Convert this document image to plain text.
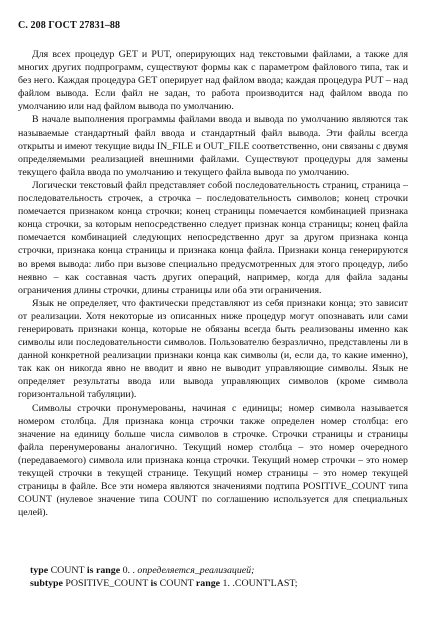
С. 208 ГОСТ 27831–88

Для всех процедур GET и PUT, оперирующих над текстовыми файлами, а также для многих других подпрограмм, существуют формы как с параметром файлового типа, так и без него. Каждая процедура GET оперирует над файлом ввода; каждая процедура PUT – над файлом вывода. Если файл не задан, то работа производится над файлом ввода по умолчанию или над файлом вывода по умолчанию.

В начале выполнения программы файлами ввода и вывода по умолчанию являются так называемые стандартный файл ввода и стандартный файл вывода. Эти файлы всегда открыты и имеют текущие виды IN_FILE и OUT_FILE соответственно, они связаны с двумя определяемыми реализацией внешними файлами. Существуют процедуры для замены текущего файла ввода по умолчанию и текущего файла вывода по умолчанию.

Логически текстовый файл представляет собой последовательность страниц, страница – последовательность строчек, а строчка – последовательность символов; конец строчки помечается признаком конца строчки; конец страницы помечается комбинацией признака конца строчки, за которым непосредственно следует признак конца страницы; конец файла помечается комбинацией следующих непосредственно друг за другом признака конца строчки, признака конца страницы и признака конца файла. Признаки конца генерируются во время вывода: либо при вызове специально предусмотренных для этого процедур, либо неявно – как составная часть других операций, например, когда для файла заданы ограничения длины строчки, длины страницы или оба эти ограничения.

Язык не определяет, что фактически представляют из себя признаки конца; это зависит от реализации. Хотя некоторые из описанных ниже процедур могут опознавать или сами генерировать признаки конца, которые не обязаны всегда быть реализованы именно как символы или последовательности символов. Пользователю безразлично, представлены ли в данной конкретной реализации признаки конца как символы (и, если да, то какие именно), так как он никогда явно не вводит и явно не выводит управляющие символы. Язык не определяет результаты ввода или вывода управляющих символов (кроме символа горизонтальной табуляции).

Символы строчки пронумерованы, начиная с единицы; номер символа называется номером столбца. Для признака конца строчки также определен номер столбца: его значение на единицу больше числа символов в строчке. Строчки страницы и страницы файла перенумерованы аналогично. Текущий номер столбца – это номер очередного (передаваемого) символа или признака конца строчки. Текущий номер строчки – это номер текущей строчки в текущей странице. Текущий номер страницы – это номер текущей страницы в файле. Все эти номера являются значениями подтипа POSITIVE_COUNT типа COUNT (нулевое значение типа COUNT по соглашению используется для специальных целей).

type COUNT is range 0. . определяется_реализацией;

subtype POSITIVE_COUNT is COUNT range 1. .COUNT'LAST;
